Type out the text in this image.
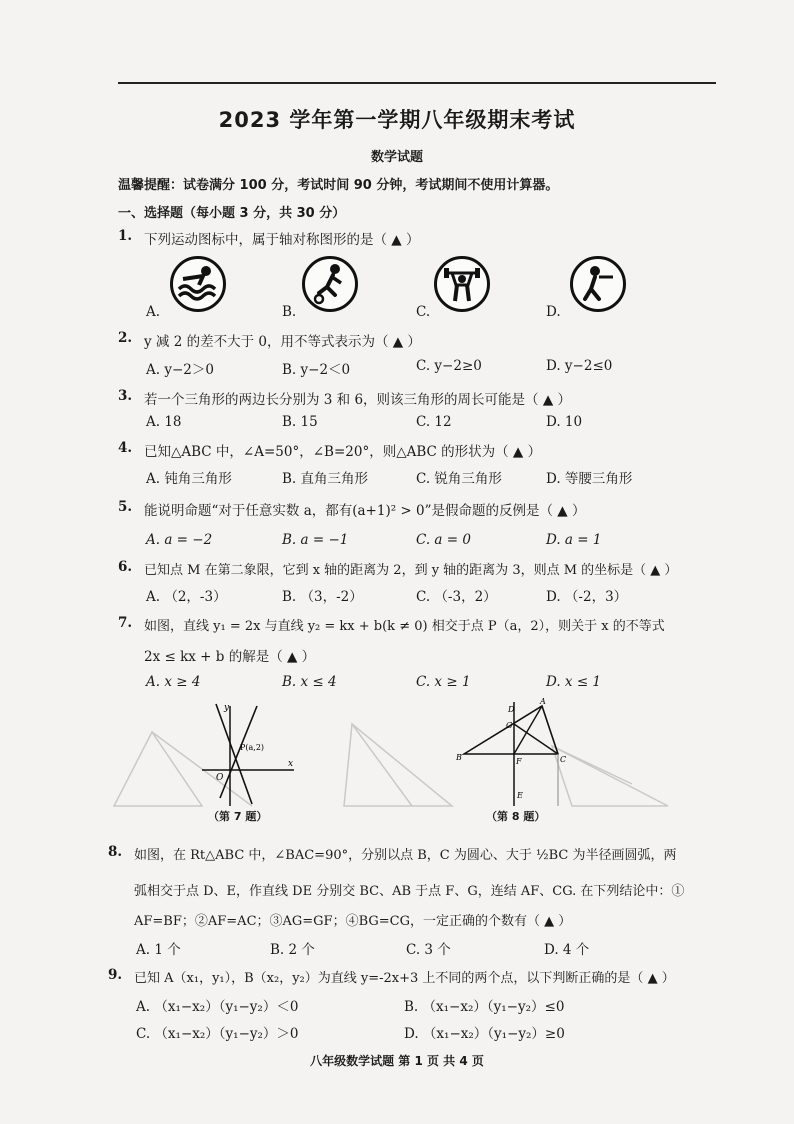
2023 学年第一学期八年级期末考试
数学试题
温馨提醒：试卷满分 100 分，考试时间 90 分钟，考试期间不使用计算器。
一、选择题（每小题 3 分，共 30 分）
1. 下列运动图标中，属于轴对称图形的是（ ▲ ）
A.	B.	C.	D.
2. y 减 2 的差不大于 0，用不等式表示为（ ▲ ）
A. y−2＞0	B. y−2＜0	C. y−2≥0	D. y−2≤0
3. 若一个三角形的两边长分别为 3 和 6，则该三角形的周长可能是（ ▲ ）
A. 18	B. 15	C. 12	D. 10
4. 已知△ABC 中，∠A=50°，∠B=20°，则△ABC 的形状为（ ▲ ）
A. 钝角三角形	B. 直角三角形	C. 锐角三角形	D. 等腰三角形
5. 能说明命题“对于任意实数 a，都有(a+1)² > 0”是假命题的反例是（ ▲ ）
A. a = −2	B. a = −1	C. a = 0	D. a = 1
6. 已知点 M 在第二象限，它到 x 轴的距离为 2，到 y 轴的距离为 3，则点 M 的坐标是（ ▲ ）
A. （2，-3）	B. （3，-2）	C. （-3，2）	D. （-2，3）
7. 如图，直线 y₁ = 2x 与直线 y₂ = kx + b(k ≠ 0) 相交于点 P（a，2），则关于 x 的不等式
2x ≤ kx + b 的解是（ ▲ ）
A. x ≥ 4	B. x ≤ 4	C. x ≥ 1	D. x ≤ 1
y
x
O
P(a,2)
A
B	C
D
E
F
G
（第 7 题）	（第 8 题）
8. 如图，在 Rt△ABC 中，∠BAC=90°，分别以点 B，C 为圆心、大于 ½BC 为半径画圆弧，两
弧相交于点 D、E，作直线 DE 分别交 BC、AB 于点 F、G，连结 AF、CG. 在下列结论中：①
AF=BF；②AF=AC；③AG=GF；④BG=CG，一定正确的个数有（ ▲ ）
A. 1 个	B. 2 个	C. 3 个	D. 4 个
9. 已知 A（x₁，y₁），B（x₂，y₂）为直线 y=-2x+3 上不同的两个点，以下判断正确的是（ ▲ ）
A. （x₁−x₂）（y₁−y₂）＜0	B. （x₁−x₂）（y₁−y₂）≤0
C. （x₁−x₂）（y₁−y₂）＞0	D. （x₁−x₂）（y₁−y₂）≥0
八年级数学试题 第 1 页 共 4 页
